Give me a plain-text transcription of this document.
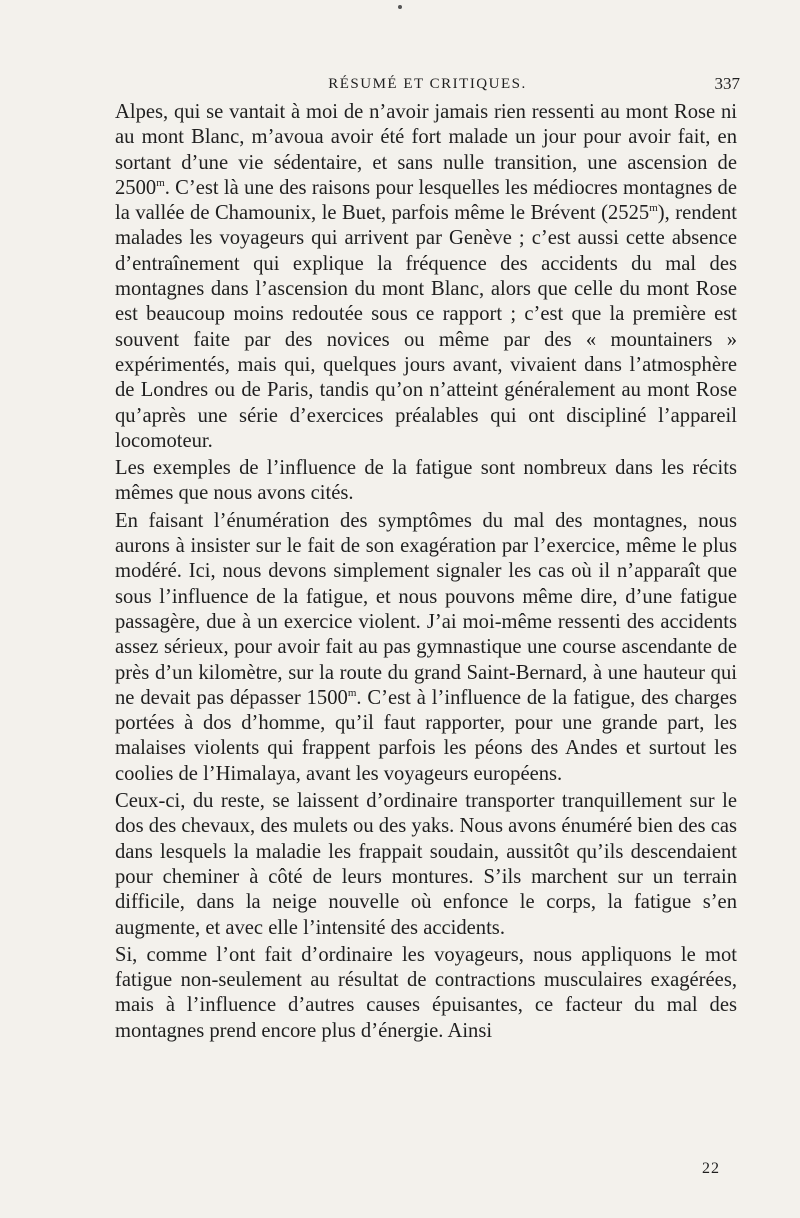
RÉSUMÉ ET CRITIQUES.	337

Alpes, qui se vantait à moi de n’avoir jamais rien ressenti au mont Rose ni au mont Blanc, m’avoua avoir été fort malade un jour pour avoir fait, en sortant d’une vie sédentaire, et sans nulle transition, une ascension de 2500$^m$. C’est là une des raisons pour lesquelles les médiocres montagnes de la vallée de Chamounix, le Buet, parfois même le Brévent (2525$^m$), rendent malades les voyageurs qui arrivent par Genève ; c’est aussi cette absence d’entraînement qui explique la fréquence des accidents du mal des montagnes dans l’ascension du mont Blanc, alors que celle du mont Rose est beaucoup moins redoutée sous ce rapport ; c’est que la première est souvent faite par des novices ou même par des « mountainers » expérimentés, mais qui, quelques jours avant, vivaient dans l’atmosphère de Londres ou de Paris, tandis qu’on n’atteint généralement au mont Rose qu’après une série d’exercices préalables qui ont discipliné l’appareil locomoteur.

Les exemples de l’influence de la fatigue sont nombreux dans les récits mêmes que nous avons cités.

En faisant l’énumération des symptômes du mal des montagnes, nous aurons à insister sur le fait de son exagération par l’exercice, même le plus modéré. Ici, nous devons simplement signaler les cas où il n’apparaît que sous l’influence de la fatigue, et nous pouvons même dire, d’une fatigue passagère, due à un exercice violent. J’ai moi-même ressenti des accidents assez sérieux, pour avoir fait au pas gymnastique une course ascendante de près d’un kilomètre, sur la route du grand Saint-Bernard, à une hauteur qui ne devait pas dépasser 1500$^m$. C’est à l’influence de la fatigue, des charges portées à dos d’homme, qu’il faut rapporter, pour une grande part, les malaises violents qui frappent parfois les péons des Andes et surtout les coolies de l’Himalaya, avant les voyageurs européens.

Ceux-ci, du reste, se laissent d’ordinaire transporter tranquillement sur le dos des chevaux, des mulets ou des yaks. Nous avons énuméré bien des cas dans lesquels la maladie les frappait soudain, aussitôt qu’ils descendaient pour cheminer à côté de leurs montures. S’ils marchent sur un terrain difficile, dans la neige nouvelle où enfonce le corps, la fatigue s’en augmente, et avec elle l’intensité des accidents.

Si, comme l’ont fait d’ordinaire les voyageurs, nous appliquons le mot fatigue non-seulement au résultat de contractions musculaires exagérées, mais à l’influence d’autres causes épuisantes, ce facteur du mal des montagnes prend encore plus d’énergie. Ainsi

22
